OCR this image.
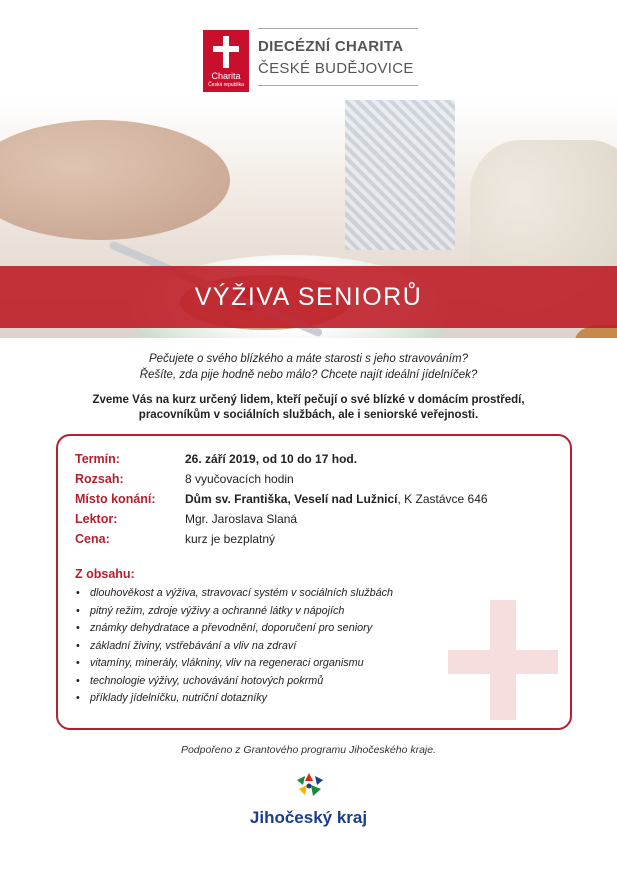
Charita
Česká republika
DIECÉZNÍ CHARITA
ČESKÉ BUDĚJOVICE
VÝŽIVA SENIORŮ
Pečujete o svého blízkého a máte starosti s jeho stravováním?
Řešíte, zda pije hodně nebo málo? Chcete najít ideální jídelníček?
Zveme Vás na kurz určený lidem, kteří pečují o své blízké v domácím prostředí,
pracovníkům v sociálních službách, ale i seniorské veřejnosti.
Termín:	26. září 2019, od 10 do 17 hod.
Rozsah:	8 vyučovacích hodin
Místo konání:	Dům sv. Františka, Veselí nad Lužnicí, K Zastávce 646
Lektor:	Mgr. Jaroslava Slaná
Cena:	kurz je bezplatný
Z obsahu:
• dlouhověkost a výživa, stravovací systém v sociálních službách
• pitný režim, zdroje výživy a ochranné látky v nápojích
• známky dehydratace a převodnění, doporučení pro seniory
• základní živiny, vstřebávání a vliv na zdraví
• vitamíny, minerály, vlákniny, vliv na regeneraci organismu
• technologie výživy, uchovávání hotových pokrmů
• příklady jídelníčku, nutriční dotazníky
Podpořeno z Grantového programu Jihočeského kraje.
Jihočeský kraj
